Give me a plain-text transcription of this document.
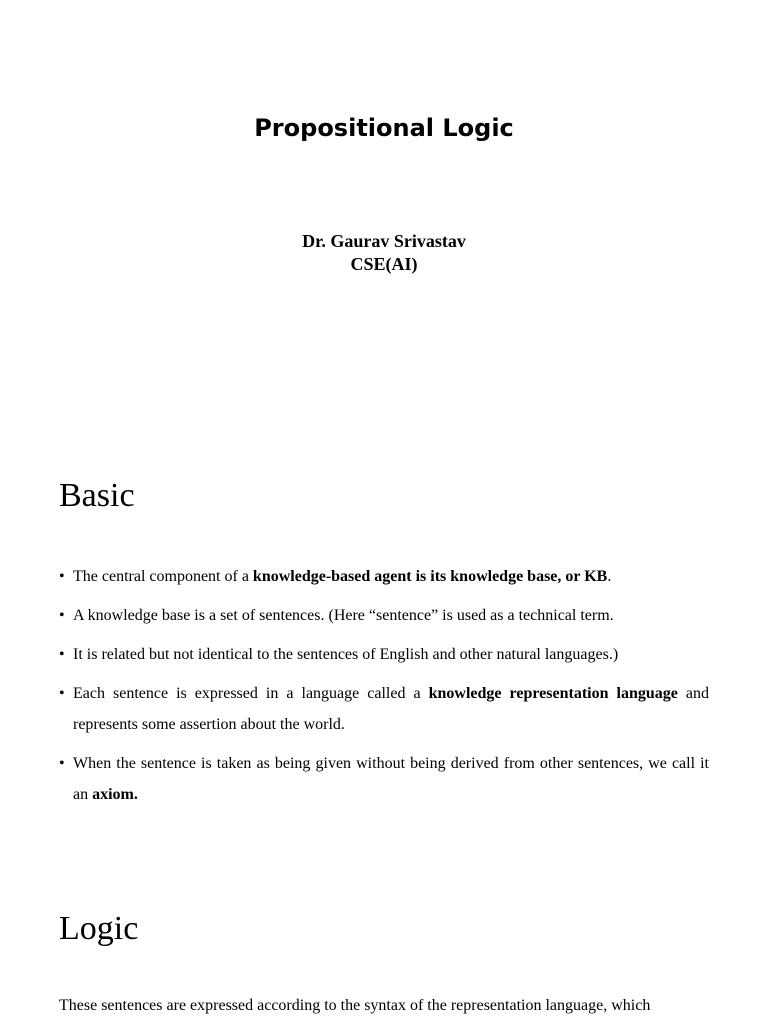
Propositional Logic
Dr. Gaurav Srivastav
CSE(AI)
Basic
• The central component of a knowledge-based agent is its knowledge base, or KB.
• A knowledge base is a set of sentences. (Here “sentence” is used as a technical term.
• It is related but not identical to the sentences of English and other natural languages.)
• Each sentence is expressed in a language called a knowledge representation language and represents some assertion about the world.
• When the sentence is taken as being given without being derived from other sentences, we call it an axiom.
Logic

These sentences are expressed according to the syntax of the representation language, which
